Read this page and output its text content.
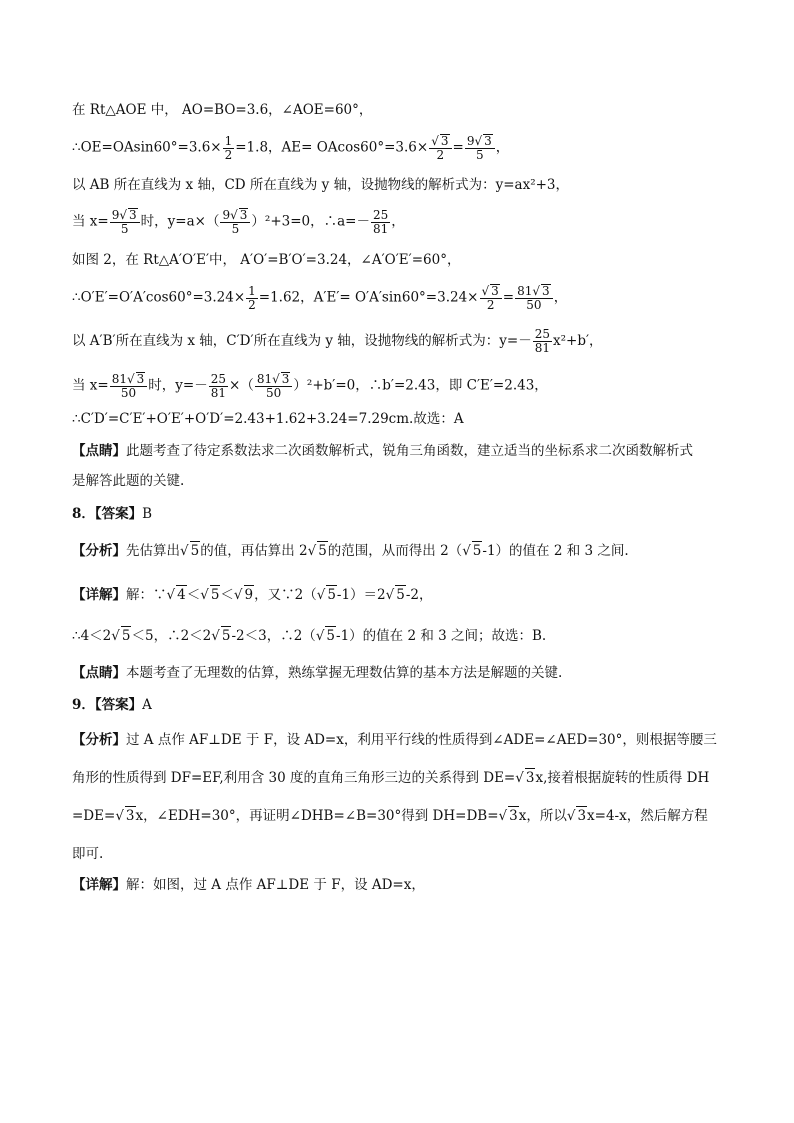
在 Rt△AOE 中， AO=BO=3.6，∠AOE=60°，
∴OE=OAsin60°=3.6× $\frac{1}{2} =1.8$，$AE= OAcos60^\circ=3.6\times \frac{√ 3}{2} = \frac{9√ 3}{5}$ ，
以 AB 所在直线为 x 轴，CD 所在直线为 y 轴，设抛物线的解析式为：y=ax²+3，
当 $x= \frac{9√ 3}{5}$ 时，$y=a\times( \frac{9√ 3}{5} )^2+3=0$，∴a=－ $\frac{25}{81}$ ，
如图 2，在 Rt△A′O′E′中， A′O′=B′O′=3.24，∠A′O′E′=60°，
∴O′E′=O′A′cos60°=3.24× $\frac{1}{2} =1.62$，$A'E'= O'A'\sin 60^\circ=3.24\times \frac{√ 3}{2} = \frac{81√ 3}{50}$ ，
以 A′B′所在直线为 x 轴，C′D′所在直线为 y 轴，设抛物线的解析式为：$y=- \frac{25}{81} x^2+b'$，
当 $x= \frac{81√ 3}{50}$ 时，$y=- \frac{25}{81}$ ×（ $\frac{81√ 3}{50} )^2+b'=0$，∴b′=2.43，即 C′E′=2.43，
∴C′D′=C′E′+O′E′+O′D′=2.43+1.62+3.24=7.29cm.故选：A
【点睛】此题考查了待定系数法求二次函数解析式，锐角三角函数，建立适当的坐标系求二次函数解析式
是解答此题的关键.
8．【答案】B
【分析】先估算出√ 5的值，再估算出 2√ 5的范围，从而得出 2（√ 5-1）的值在 2 和 3 之间.
【详解】解：∵√ 4＜√ 5＜√ 9，又∵2（√ 5-1）＝2√ 5-2，
∴4＜2√ 5＜5，∴2＜2√ 5-2＜3，∴2（√ 5-1）的值在 2 和 3 之间；故选：B.
【点睛】本题考查了无理数的估算，熟练掌握无理数估算的基本方法是解题的关键.
9．【答案】A
【分析】过 A 点作 AF⊥DE 于 F，设 AD=x，利用平行线的性质得到∠ADE=∠AED=30°，则根据等腰三
角形的性质得到 DF=EF,利用含 30 度的直角三角形三边的关系得到 DE=√ 3x,接着根据旋转的性质得 DH
=DE=√ 3x，∠EDH=30°，再证明∠DHB=∠B=30°得到 DH=DB=√ 3x，所以√ 3x=4-x，然后解方程
即可.
【详解】解：如图，过 A 点作 AF⊥DE 于 F，设 AD=x，
